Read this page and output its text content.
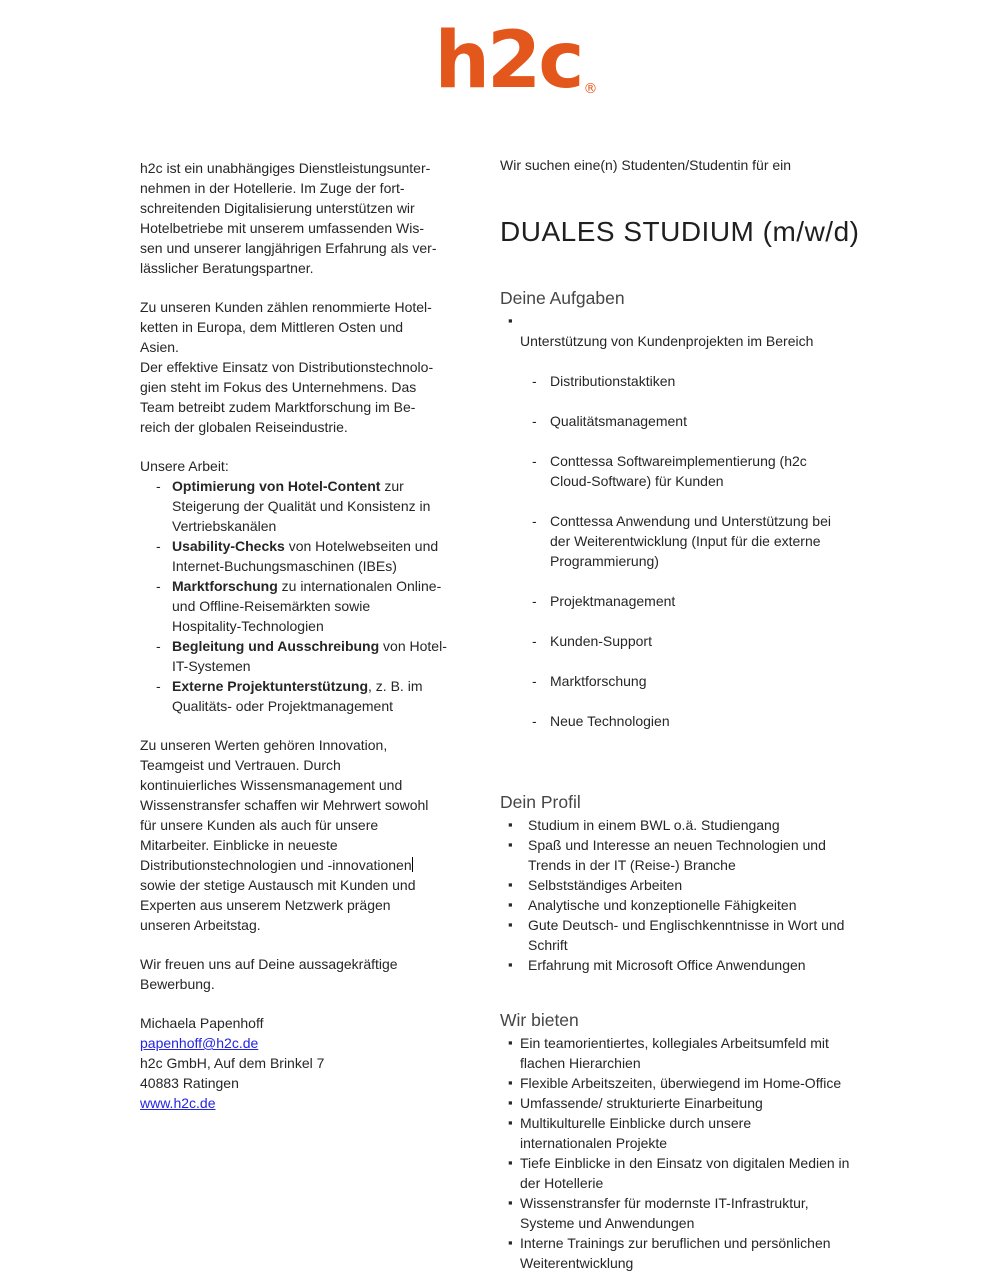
h2c ®

h2c ist ein unabhängiges Dienstleistungsunter-
nehmen in der Hotellerie. Im Zuge der fort-
schreitenden Digitalisierung unterstützen wir
Hotelbetriebe mit unserem umfassenden Wis-
sen und unserer langjährigen Erfahrung als ver-
lässlicher Beratungspartner.

Zu unseren Kunden zählen renommierte Hotel-
ketten in Europa, dem Mittleren Osten und
Asien.
Der effektive Einsatz von Distributionstechnolo-
gien steht im Fokus des Unternehmens. Das
Team betreibt zudem Marktforschung im Be-
reich der globalen Reiseindustrie.

Unsere Arbeit:

- Optimierung von Hotel-Content zur
Steigerung der Qualität und Konsistenz in
Vertriebskanälen
- Usability-Checks von Hotelwebseiten und
Internet-Buchungsmaschinen (IBEs)
- Marktforschung zu internationalen Online-
und Offline-Reisemärkten sowie
Hospitality-Technologien
- Begleitung und Ausschreibung von Hotel-
IT-Systemen
- Externe Projektunterstützung, z. B. im
Qualitäts- oder Projektmanagement

Zu unseren Werten gehören Innovation,
Teamgeist und Vertrauen. Durch
kontinuierliches Wissensmanagement und
Wissenstransfer schaffen wir Mehrwert sowohl
für unsere Kunden als auch für unsere
Mitarbeiter. Einblicke in neueste
Distributionstechnologien und -innovationen
sowie der stetige Austausch mit Kunden und
Experten aus unserem Netzwerk prägen
unseren Arbeitstag.

Wir freuen uns auf Deine aussagekräftige
Bewerbung.

Michaela Papenhoff
papenhoff@h2c.de
h2c GmbH, Auf dem Brinkel 7
40883 Ratingen
www.h2c.de

Wir suchen eine(n) Studenten/Studentin für ein

DUALES STUDIUM (m/w/d)
Deine Aufgaben
▪

Unterstützung von Kundenprojekten im Bereich

- Distributionstaktiken

- Qualitätsmanagement

- Conttessa Softwareimplementierung (h2c
Cloud-Software) für Kunden

- Conttessa Anwendung und Unterstützung bei
der Weiterentwicklung (Input für die externe
Programmierung)

- Projektmanagement

- Kunden-Support

- Marktforschung

- Neue Technologien

Dein Profil
▪	Studium in einem BWL o.ä. Studiengang
▪	Spaß und Interesse an neuen Technologien und
Trends in der IT (Reise-) Branche
▪	Selbstständiges Arbeiten
▪	Analytische und konzeptionelle Fähigkeiten
▪	Gute Deutsch- und Englischkenntnisse in Wort und
Schrift
▪	Erfahrung mit Microsoft Office Anwendungen
Wir bieten
▪ Ein teamorientiertes, kollegiales Arbeitsumfeld mit
flachen Hierarchien
▪ Flexible Arbeitszeiten, überwiegend im Home-Office
▪ Umfassende/ strukturierte Einarbeitung
▪ Multikulturelle Einblicke durch unsere
internationalen Projekte
▪ Tiefe Einblicke in den Einsatz von digitalen Medien in
der Hotellerie
▪ Wissenstransfer für modernste IT-Infrastruktur,
Systeme und Anwendungen
▪ Interne Trainings zur beruflichen und persönlichen
Weiterentwicklung
